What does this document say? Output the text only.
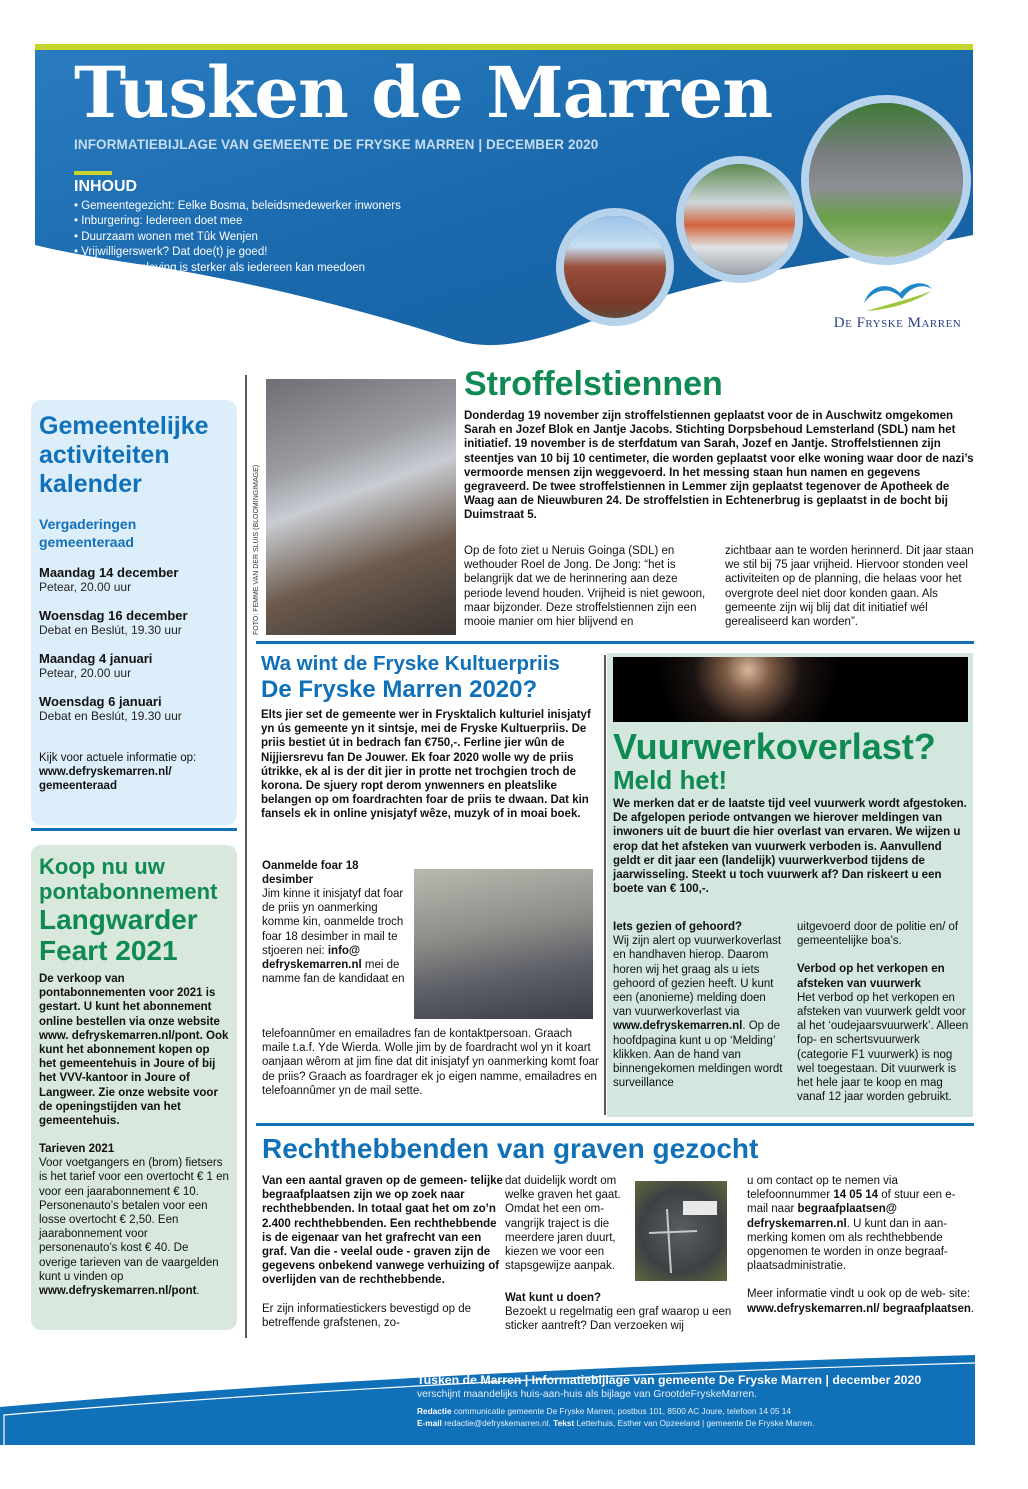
Tusken de Marren
INFORMATIEBIJLAGE VAN GEMEENTE DE FRYSKE MARREN | DECEMBER 2020
INHOUD
• Gemeentegezicht: Eelke Bosma, beleidsmedewerker inwoners
• Inburgering: Iedereen doet mee
• Duurzaam wonen met Tûk Wenjen
• Vrijwilligerswerk? Dat doe(t) je goed!
• Onze samenleving is sterker als iedereen kan meedoen
De Fryske Marren
Gemeentelijke activiteiten kalender
Vergaderingen gemeenteraad
Maandag 14 december
Petear, 20.00 uur
Woensdag 16 december
Debat en Beslút, 19.30 uur
Maandag 4 januari
Petear, 20.00 uur
Woensdag 6 januari
Debat en Beslút, 19.30 uur
Kijk voor actuele informatie op:
www.defryskemarren.nl/ gemeenteraad
Koop nu uw pontabonnement
Langwarder Feart 2021
De verkoop van pontabonnementen voor 2021 is gestart. U kunt het abonnement online bestellen via onze website www. defryskemarren.nl/pont. Ook kunt het abonnement kopen op het gemeentehuis in Joure of bij het VVV-kantoor in Joure of Langweer. Zie onze website voor de openingstijden van het gemeentehuis.
Tarieven 2021
Voor voetgangers en (brom) fietsers is het tarief voor een overtocht € 1 en voor een jaarabonnement € 10. Personenauto’s betalen voor een losse overtocht € 2,50. Een jaarabonnement voor personenauto’s kost € 40. De overige tarieven van de vaargelden kunt u vinden op www.defryskemarren.nl/pont.
FOTO: FEMME VAN DER SLUIS (BLOOMINGIMAGE)
Stroffelstiennen
Donderdag 19 november zijn stroffelstiennen geplaatst voor de in Auschwitz omgekomen Sarah en Jozef Blok en Jantje Jacobs. Stichting Dorpsbehoud Lemsterland (SDL) nam het initiatief. 19 november is de sterfdatum van Sarah, Jozef en Jantje. Stroffelstiennen zijn steentjes van 10 bij 10 centimeter, die worden geplaatst voor elke woning waar door de nazi’s vermoorde mensen zijn weggevoerd. In het messing staan hun namen en gegevens gegraveerd. De twee stroffelstiennen in Lemmer zijn geplaatst tegenover de Apotheek de Waag aan de Nieuwburen 24. De stroffelstien in Echtenerbrug is geplaatst in de bocht bij Duimstraat 5.

Op de foto ziet u Neruis Goinga (SDL) en wethouder Roel de Jong. De Jong: “het is belangrijk dat we de herinnering aan deze periode levend houden. Vrijheid is niet gewoon, maar bijzonder. Deze stroffelstiennen zijn een mooie manier om hier blijvend en

zichtbaar aan te worden herinnerd. Dit jaar staan we stil bij 75 jaar vrijheid. Hiervoor stonden veel activiteiten op de planning, die helaas voor het overgrote deel niet door konden gaan. Als gemeente zijn wij blij dat dit initiatief wél gerealiseerd kan worden”.

Wa wint de Fryske Kultuerpriis
De Fryske Marren 2020?
Elts jier set de gemeente wer in Frysktalich kulturiel inisjatyf yn ús gemeente yn it sintsje, mei de Fryske Kultuerpriis. De priis bestiet út in bedrach fan €750,-. Ferline jier wûn de Nijjiersrevu fan De Jouwer. Ek foar 2020 wolle wy de priis útrikke, ek al is der dit jier in protte net trochgien troch de korona. De sjuery ropt derom ynwenners en pleatslike belangen op om foardrachten foar de priis te dwaan. Dat kin fansels ek in online ynisjatyf wêze, muzyk of in moai boek.
Oanmelde foar 18 desimber
Jim kinne it inisjatyf dat foar de priis yn oanmerking komme kin, oanmelde troch foar 18 desimber in mail te stjoeren nei: info@ defryskemarren.nl mei de namme fan de kandidaat en
telefoannûmer en emailadres fan de kontaktpersoan. Graach maile t.a.f. Yde Wierda. Wolle jim by de foardracht wol yn it koart oanjaan wêrom at jim fine dat dit inisjatyf yn oanmerking komt foar de priis? Graach as foardrager ek jo eigen namme, emailadres en telefoannûmer yn de mail sette.
Vuurwerkoverlast?
Meld het!
We merken dat er de laatste tijd veel vuurwerk wordt afgestoken. De afgelopen periode ontvangen we hierover meldingen van inwoners uit de buurt die hier overlast van ervaren. We wijzen u erop dat het afsteken van vuurwerk verboden is. Aanvullend geldt er dit jaar een (landelijk) vuurwerkverbod tijdens de jaarwisseling. Steekt u toch vuurwerk af? Dan riskeert u een boete van € 100,-.
Iets gezien of gehoord?
Wij zijn alert op vuurwerkoverlast en handhaven hierop. Daarom horen wij het graag als u iets gehoord of gezien heeft. U kunt een (anonieme) melding doen van vuurwerkoverlast via www.defryskemarren.nl. Op de hoofdpagina kunt u op ‘Melding’ klikken. Aan de hand van binnengekomen meldingen wordt surveillance
uitgevoerd door de politie en/ of gemeentelijke boa’s.
Verbod op het verkopen en afsteken van vuurwerk
Het verbod op het verkopen en afsteken van vuurwerk geldt voor al het ‘oudejaarsvuurwerk’. Alleen fop- en schertsvuurwerk (categorie F1 vuurwerk) is nog wel toegestaan. Dit vuurwerk is het hele jaar te koop en mag vanaf 12 jaar worden gebruikt.
Rechthebbenden van graven gezocht
Van een aantal graven op de gemeen- telijke begraafplaatsen zijn we op zoek naar rechthebbenden. In totaal gaat het om zo’n 2.400 rechthebbenden. Een rechthebbende is de eigenaar van het grafrecht van een graf. Van die - veelal oude - graven zijn de gegevens onbekend vanwege verhuizing of overlijden van de rechthebbende.
Er zijn informatiestickers bevestigd op de betreffende grafstenen, zo-
dat duidelijk wordt om welke graven het gaat. Omdat het een om- vangrijk traject is die meerdere jaren duurt, kiezen we voor een stapsgewijze aanpak.
Wat kunt u doen?
Bezoekt u regelmatig een graf waarop u een sticker aantreft? Dan verzoeken wij
u om contact op te nemen via telefoonnummer 14 05 14 of stuur een e-mail naar begraafplaatsen@ defryskemarren.nl. U kunt dan in aan- merking komen om als rechthebbende opgenomen te worden in onze begraaf- plaatsadministratie.
Meer informatie vindt u ook op de web- site: www.defryskemarren.nl/ begraafplaatsen.
Tusken de Marren | Informatiebijlage van gemeente De Fryske Marren | december 2020
verschijnt maandelijks huis-aan-huis als bijlage van GrootdeFryskeMarren.
Redactie communicatie gemeente De Fryske Marren, postbus 101, 8500 AC Joure, telefoon 14 05 14
E-mail redactie@defryskemarren.nl. Tekst Letterhuis, Esther van Opzeeland | gemeente De Fryske Marren.
